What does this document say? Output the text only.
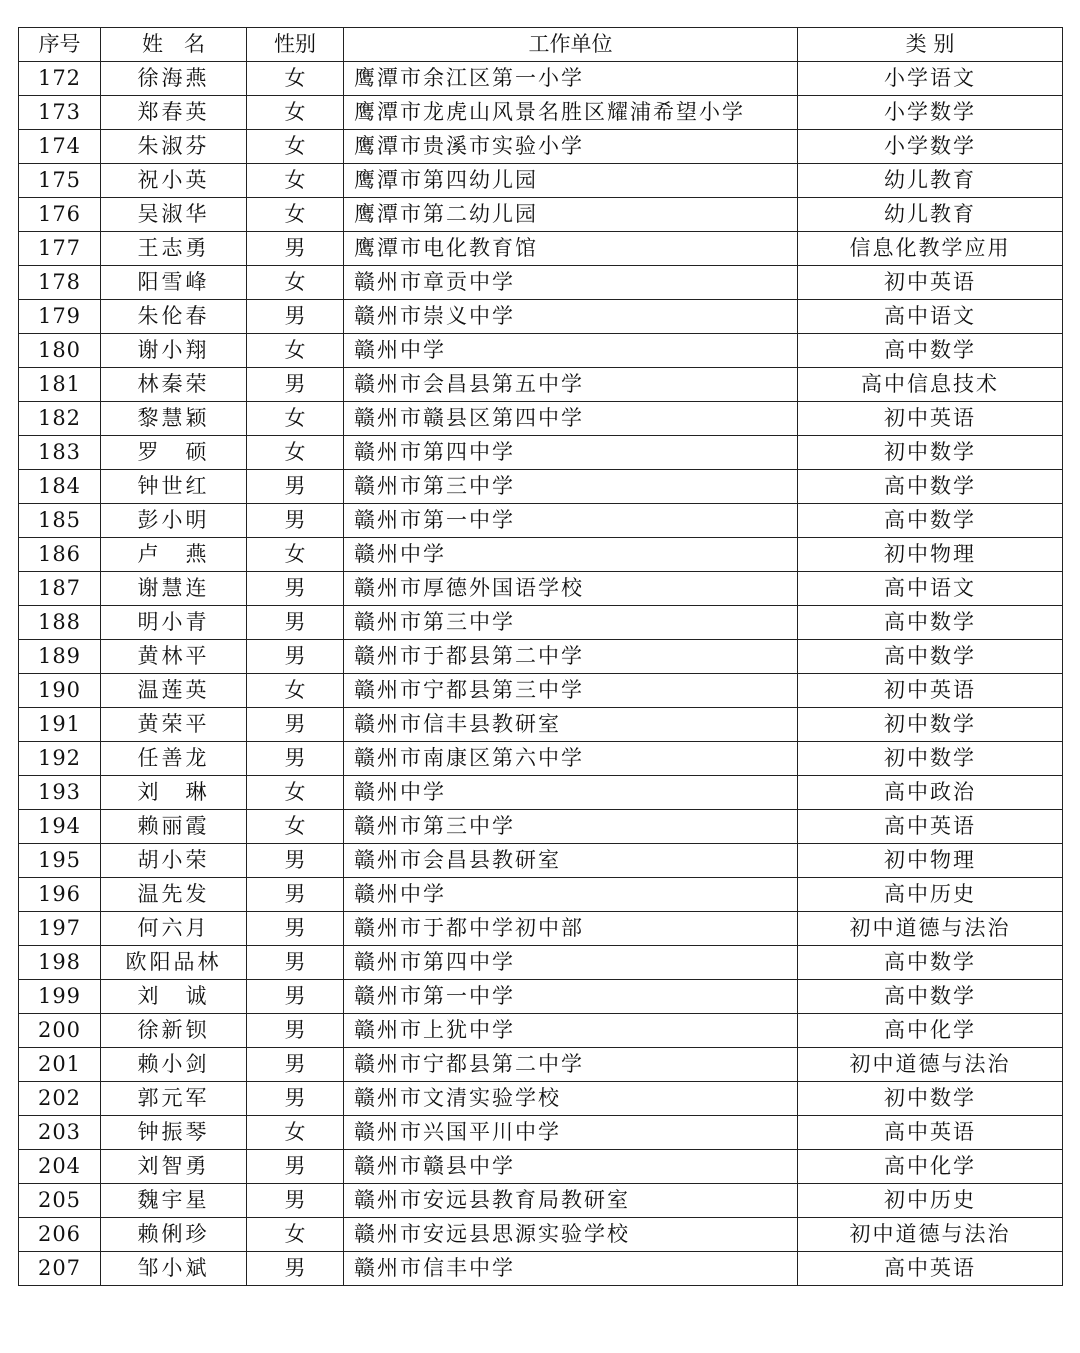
序号	姓　名	性别	工作单位	类 别
172	徐海燕	女	鹰潭市余江区第一小学	小学语文
173	郑春英	女	鹰潭市龙虎山风景名胜区耀浦希望小学	小学数学
174	朱淑芬	女	鹰潭市贵溪市实验小学	小学数学
175	祝小英	女	鹰潭市第四幼儿园	幼儿教育
176	吴淑华	女	鹰潭市第二幼儿园	幼儿教育
177	王志勇	男	鹰潭市电化教育馆	信息化教学应用
178	阳雪峰	女	赣州市章贡中学	初中英语
179	朱伦春	男	赣州市崇义中学	高中语文
180	谢小翔	女	赣州中学	高中数学
181	林秦荣	男	赣州市会昌县第五中学	高中信息技术
182	黎慧颖	女	赣州市赣县区第四中学	初中英语
183	罗　硕	女	赣州市第四中学	初中数学
184	钟世红	男	赣州市第三中学	高中数学
185	彭小明	男	赣州市第一中学	高中数学
186	卢　燕	女	赣州中学	初中物理
187	谢慧连	男	赣州市厚德外国语学校	高中语文
188	明小青	男	赣州市第三中学	高中数学
189	黄林平	男	赣州市于都县第二中学	高中数学
190	温莲英	女	赣州市宁都县第三中学	初中英语
191	黄荣平	男	赣州市信丰县教研室	初中数学
192	任善龙	男	赣州市南康区第六中学	初中数学
193	刘　琳	女	赣州中学	高中政治
194	赖丽霞	女	赣州市第三中学	高中英语
195	胡小荣	男	赣州市会昌县教研室	初中物理
196	温先发	男	赣州中学	高中历史
197	何六月	男	赣州市于都中学初中部	初中道德与法治
198	欧阳品林	男	赣州市第四中学	高中数学
199	刘　诚	男	赣州市第一中学	高中数学
200	徐新钡	男	赣州市上犹中学	高中化学
201	赖小剑	男	赣州市宁都县第二中学	初中道德与法治
202	郭元军	男	赣州市文清实验学校	初中数学
203	钟振琴	女	赣州市兴国平川中学	高中英语
204	刘智勇	男	赣州市赣县中学	高中化学
205	魏宇星	男	赣州市安远县教育局教研室	初中历史
206	赖俐珍	女	赣州市安远县思源实验学校	初中道德与法治
207	邹小斌	男	赣州市信丰中学	高中英语
